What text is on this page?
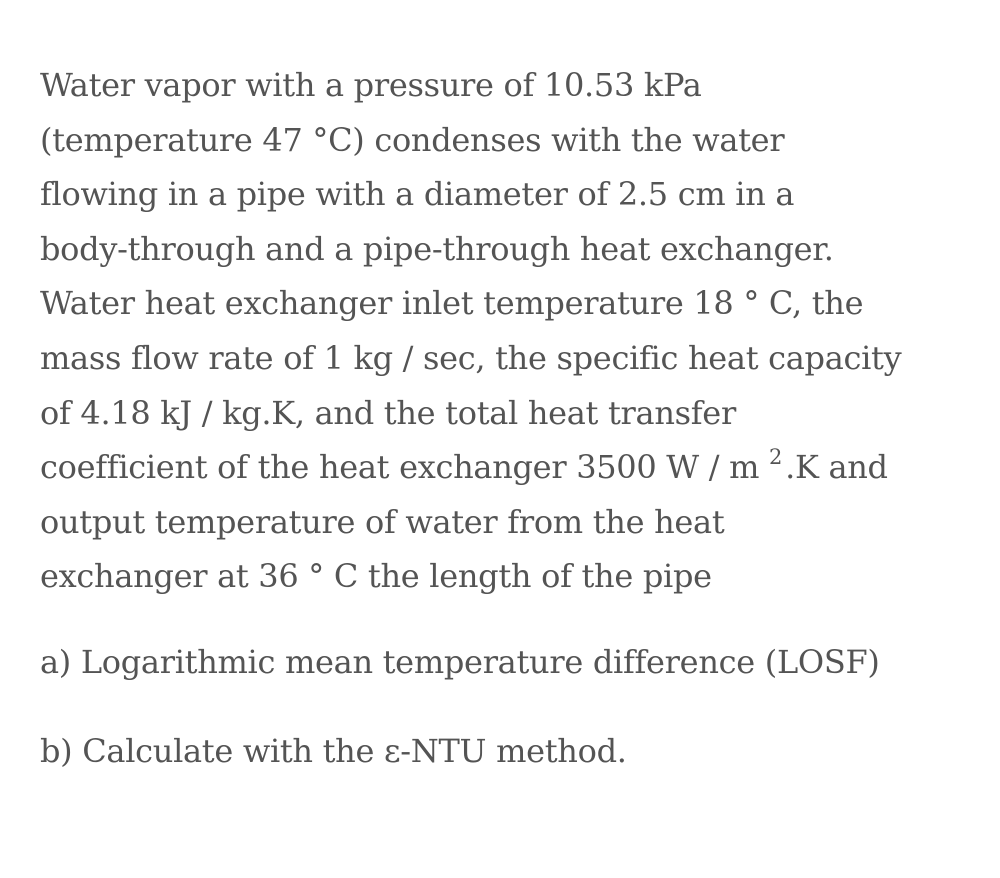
Water vapor with a pressure of 10.53 kPa
(temperature 47 °C) condenses with the water
flowing in a pipe with a diameter of 2.5 cm in a
body-through and a pipe-through heat exchanger.
Water heat exchanger inlet temperature 18 ° C, the
mass flow rate of 1 kg / sec, the specific heat capacity
of 4.18 kJ / kg.K, and the total heat transfer
coefficient of the heat exchanger 3500 W / m $^2$.K and
output temperature of water from the heat
exchanger at 36 ° C the length of the pipe

a) Logarithmic mean temperature difference (LOSF)

b) Calculate with the ε-NTU method.
